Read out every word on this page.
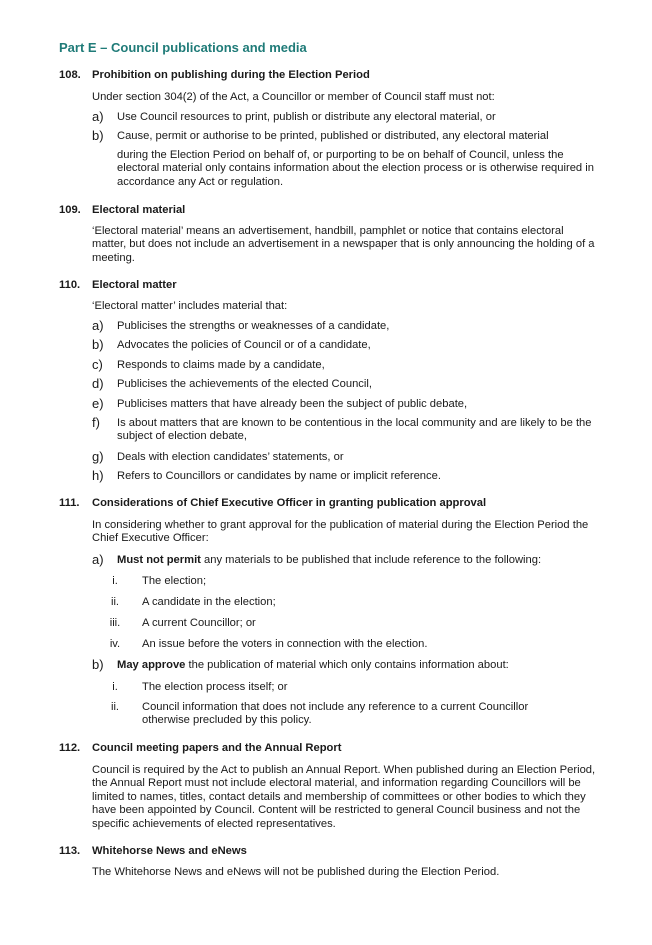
Part E – Council publications and media
108. Prohibition on publishing during the Election Period
Under section 304(2) of the Act, a Councillor or member of Council staff must not:
a) Use Council resources to print, publish or distribute any electoral material, or
b) Cause, permit or authorise to be printed, published or distributed, any electoral material
during the Election Period on behalf of, or purporting to be on behalf of Council, unless the electoral material only contains information about the election process or is otherwise required in accordance any Act or regulation.
109. Electoral material
‘Electoral material’ means an advertisement, handbill, pamphlet or notice that contains electoral matter, but does not include an advertisement in a newspaper that is only announcing the holding of a meeting.
110. Electoral matter
‘Electoral matter’ includes material that:
a) Publicises the strengths or weaknesses of a candidate,
b) Advocates the policies of Council or of a candidate,
c) Responds to claims made by a candidate,
d) Publicises the achievements of the elected Council,
e) Publicises matters that have already been the subject of public debate,
f) Is about matters that are known to be contentious in the local community and are likely to be the subject of election debate,
g) Deals with election candidates’ statements, or
h) Refers to Councillors or candidates by name or implicit reference.
111. Considerations of Chief Executive Officer in granting publication approval
In considering whether to grant approval for the publication of material during the Election Period the Chief Executive Officer:
a) Must not permit any materials to be published that include reference to the following:
i.	The election;
ii.	A candidate in the election;
iii.	A current Councillor; or
iv.	An issue before the voters in connection with the election.
b) May approve the publication of material which only contains information about:
i.	The election process itself; or
ii.	Council information that does not include any reference to a current Councillor otherwise precluded by this policy.
112. Council meeting papers and the Annual Report
Council is required by the Act to publish an Annual Report. When published during an Election Period, the Annual Report must not include electoral material, and information regarding Councillors will be limited to names, titles, contact details and membership of committees or other bodies to which they have been appointed by Council. Content will be restricted to general Council business and not the specific achievements of elected representatives.
113. Whitehorse News and eNews
The Whitehorse News and eNews will not be published during the Election Period.
